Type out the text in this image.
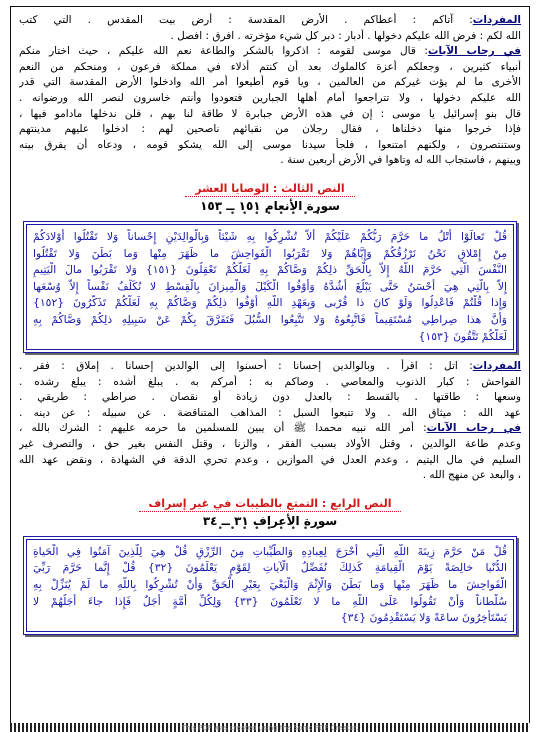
المفردات: آتاكم : أعطاكم . الأرض المقدسة : أرض بيت المقدس . التي كتب
الله لكم : فرض الله عليكم دخولها . أدبار : دبر كل شيء مؤخرته . افرق : افصل .
في رحاب الآيات: قال موسى لقومه : اذكروا بالشكر والطاعة نعم الله عليكم ، حيث اختار منكم
أنبياء كثيرين ، وجعلكم أعزة كالملوك بعد أن كنتم أذلاء في مملكة فرعون ، ومنحكم من النعم
الأخرى ما لم يؤت غيركم من العالمين ، ويا قوم أطيعوا أمر الله وادخلوا الأرض المقدسة التي قدر
الله عليكم دخولها ، ولا تتراجعوا أمام أهلها الجبارين فتعودوا وأنتم خاسرون لنصر الله ورضوانه .
قال بنو إسرائيل يا موسى : إن في هذه الأرض جبابرة لا طاقة لنا بهم ، فلن ندخلها مادامو فيها ،
فإذا خرجوا منها دخلناها ، فقال رجلان من نقبائهم ناصحين لهم : ادخلوا عليهم مدينتهم
وستنتصرون ، ولكنهم امتنعوا ، فلجأ سيدنا موسى إلى الله يشكو قومه ، ودعاه أن يفرق بينه
وبينهم ، فاستجاب الله له وتاهوا في الأرض أربعين سنة .
النص الثالث : الوصايا العشر
سورة الأنعام ١٥١ ــ ١٥٣
• • • • • • • • •
قُلْ تَعالَوْا أَتْلُ ما حَرَّمَ رَبُّكُمْ عَلَيْكُمْ أَلاَّ تُشْرِكُوا بِهِ شَيْئاً وَبِالْوالِدَيْنِ إِحْساناً وَلا تَقْتُلُوا أَوْلادَكُمْ
مِنْ إِمْلاقٍ نَحْنُ نَرْزُقُكُمْ وَإِيَّاهُمْ وَلا تَقْرَبُوا الْفَواحِشَ ما ظَهَرَ مِنْها وَما بَطَنَ وَلا تَقْتُلُوا
النَّفْسَ الَّتِي حَرَّمَ اللَّهُ إِلاَّ بِالْحَقِّ ذلِكُمْ وَصَّاكُمْ بِهِ لَعَلَّكُمْ تَعْقِلُونَ {١٥١} وَلا تَقْرَبُوا مالَ الْيَتِيمِ
إِلاَّ بِالَّتِي هِيَ أَحْسَنُ حَتَّى يَبْلُغَ أَشُدَّهُ وَأَوْفُوا الْكَيْلَ وَالْمِيزانَ بِالْقِسْطِ لا نُكَلِّفُ نَفْساً إِلاَّ وُسْعَها
وَإِذا قُلْتُمْ فَاعْدِلُوا وَلَوْ كانَ ذا قُرْبى وَبِعَهْدِ اللَّهِ أَوْفُوا ذلِكُمْ وَصَّاكُمْ بِهِ لَعَلَّكُمْ تَذَكَّرُونَ {١٥٢}
وَأَنَّ هذا صِراطِي مُسْتَقِيماً فَاتَّبِعُوهُ وَلا تَتَّبِعُوا السُّبُلَ فَتَفَرَّقَ بِكُمْ عَنْ سَبِيلِهِ ذلِكُمْ وَصَّاكُمْ بِهِ
لَعَلَّكُمْ تَتَّقُونَ {١٥٣}
المفردات: اتل : اقرأ . وبالوالدين إحسانا : أحسنوا إلى الوالدين إحسانا . إملاق : فقر .
الفواحش : كبار الذنوب والمعاصي . وصاكم به : أمركم به . يبلغ أشده : يبلغ رشده .
وسعها : طاقتها . بالقسط : بالعدل دون زيادة أو نقصان . صراطي : طريقي .
عهد الله : ميثاق الله . ولا تتبعوا السبل : المذاهب المتناقضة . عن سبيله : عن دينه .
في رحاب الآيات: أمر الله نبيه محمدا ﷺ أن يبين للمسلمين ما حرمه عليهم : الشرك بالله ،
وعدم طاعة الوالدين ، وقتل الأولاد بسبب الفقر ، والزنا ، وقتل النفس بغير حق ، والتصرف غير
السليم في مال اليتيم ، وعدم العدل في الموازين ، وعدم تحري الدقة في الشهادة ، ونقض عهد الله
، والبعد عن منهج الله .
النص الرابع : التمتع بالطيبات في غير إسراف
سورة الأعراف ٣١ ــ ٣٤
• • • • • • • • •
قُلْ مَنْ حَرَّمَ زِينَةَ اللَّهِ الَّتِي أَخْرَجَ لِعِبادِهِ وَالطَّيِّباتِ مِنَ الرِّزْقِ قُلْ هِيَ لِلَّذِينَ آمَنُوا فِي الْحَياةِ
الدُّنْيا خالِصَةً يَوْمَ الْقِيامَةِ كَذلِكَ نُفَصِّلُ الْآياتِ لِقَوْمٍ يَعْلَمُونَ {٣٢} قُلْ إِنَّما حَرَّمَ رَبِّيَ
الْفَواحِشَ ما ظَهَرَ مِنْها وَما بَطَنَ وَالْإِثْمَ وَالْبَغْيَ بِغَيْرِ الْحَقِّ وَأَنْ تُشْرِكُوا بِاللَّهِ ما لَمْ يُنَزِّلْ بِهِ
سُلْطاناً وَأَنْ تَقُولُوا عَلَى اللَّهِ ما لا تَعْلَمُونَ {٣٣} وَلِكُلِّ أُمَّةٍ أَجَلٌ فَإِذا جاءَ أَجَلُهُمْ لا
يَسْتَأْخِرُونَ ساعَةً وَلا يَسْتَقْدِمُونَ {٣٤}
This PDF was created using the Sonic PDF Creator.
